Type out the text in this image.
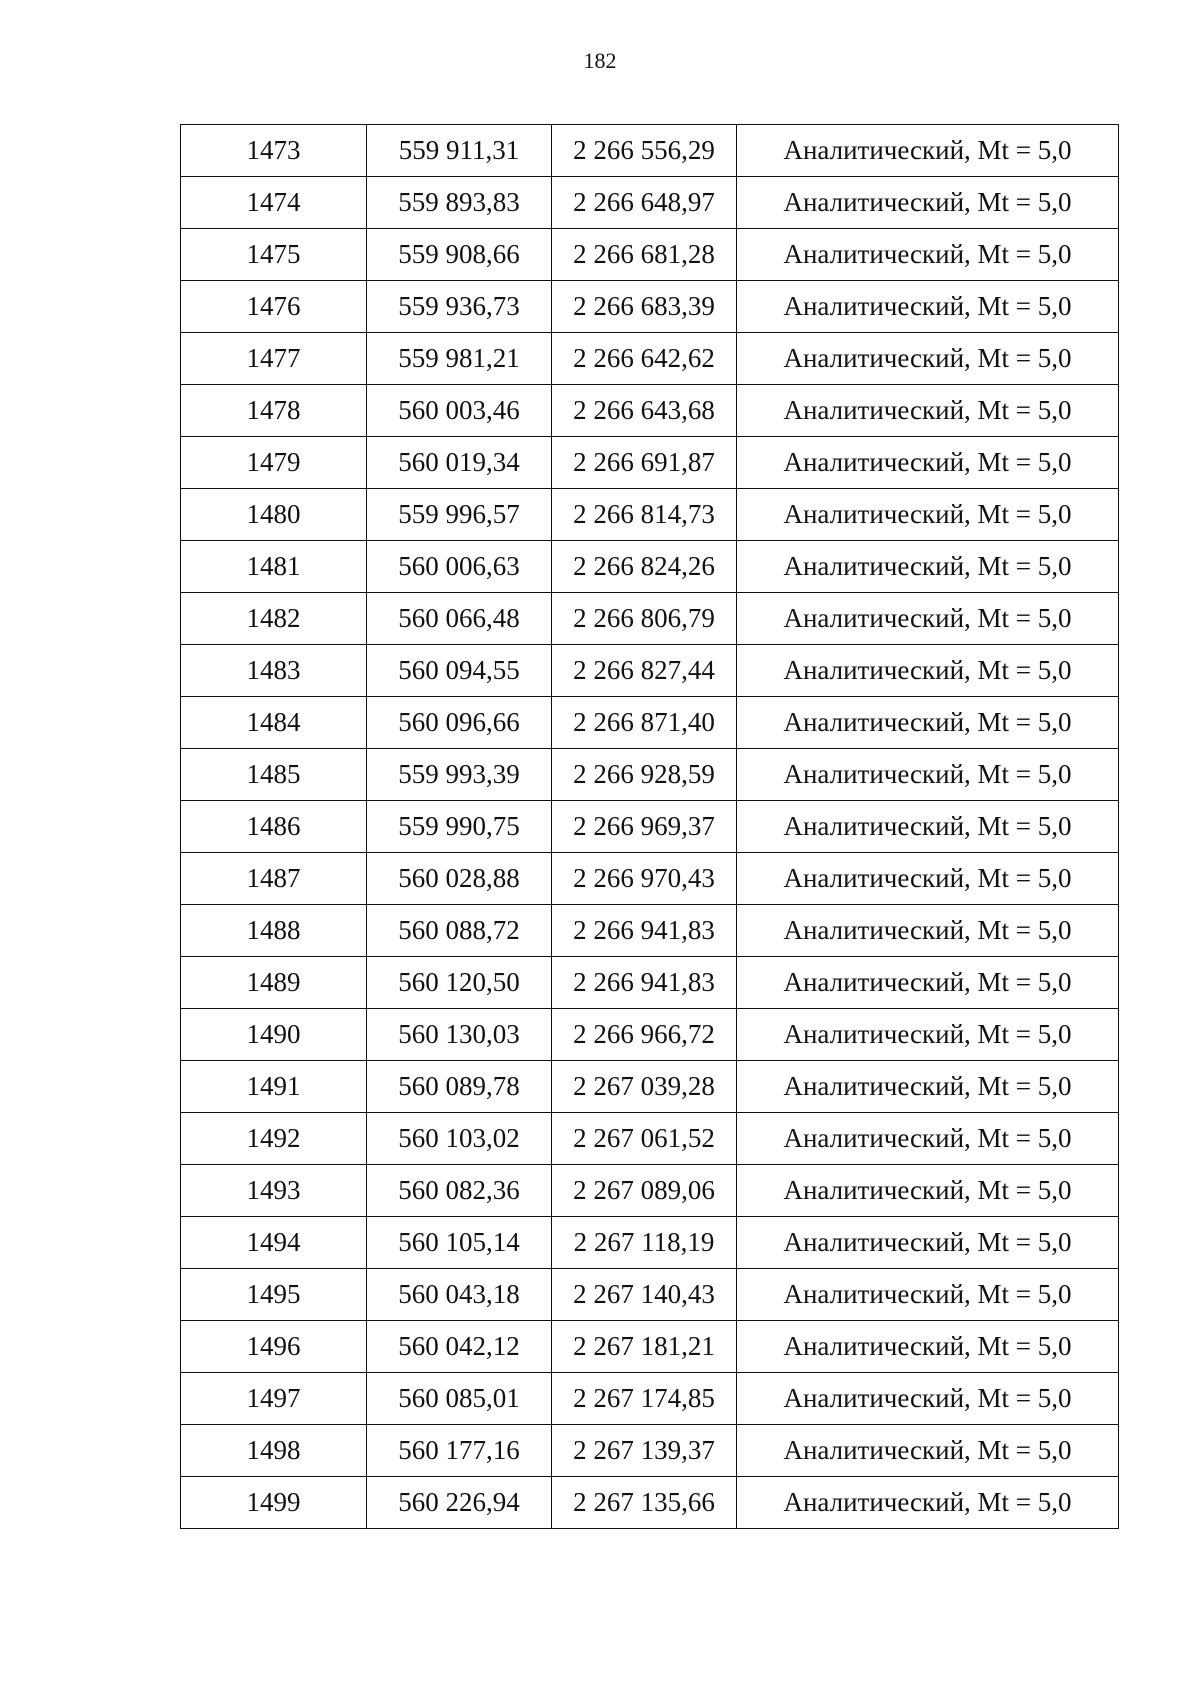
182
1473	559 911,31	2 266 556,29	Аналитический, Mt = 5,0
1474	559 893,83	2 266 648,97	Аналитический, Mt = 5,0
1475	559 908,66	2 266 681,28	Аналитический, Mt = 5,0
1476	559 936,73	2 266 683,39	Аналитический, Mt = 5,0
1477	559 981,21	2 266 642,62	Аналитический, Mt = 5,0
1478	560 003,46	2 266 643,68	Аналитический, Mt = 5,0
1479	560 019,34	2 266 691,87	Аналитический, Mt = 5,0
1480	559 996,57	2 266 814,73	Аналитический, Mt = 5,0
1481	560 006,63	2 266 824,26	Аналитический, Mt = 5,0
1482	560 066,48	2 266 806,79	Аналитический, Mt = 5,0
1483	560 094,55	2 266 827,44	Аналитический, Mt = 5,0
1484	560 096,66	2 266 871,40	Аналитический, Mt = 5,0
1485	559 993,39	2 266 928,59	Аналитический, Mt = 5,0
1486	559 990,75	2 266 969,37	Аналитический, Mt = 5,0
1487	560 028,88	2 266 970,43	Аналитический, Mt = 5,0
1488	560 088,72	2 266 941,83	Аналитический, Mt = 5,0
1489	560 120,50	2 266 941,83	Аналитический, Mt = 5,0
1490	560 130,03	2 266 966,72	Аналитический, Mt = 5,0
1491	560 089,78	2 267 039,28	Аналитический, Mt = 5,0
1492	560 103,02	2 267 061,52	Аналитический, Mt = 5,0
1493	560 082,36	2 267 089,06	Аналитический, Mt = 5,0
1494	560 105,14	2 267 118,19	Аналитический, Mt = 5,0
1495	560 043,18	2 267 140,43	Аналитический, Mt = 5,0
1496	560 042,12	2 267 181,21	Аналитический, Mt = 5,0
1497	560 085,01	2 267 174,85	Аналитический, Mt = 5,0
1498	560 177,16	2 267 139,37	Аналитический, Mt = 5,0
1499	560 226,94	2 267 135,66	Аналитический, Mt = 5,0
